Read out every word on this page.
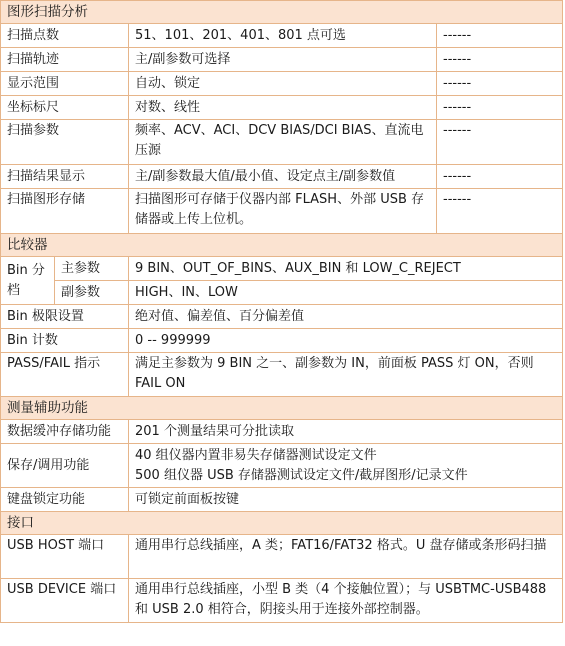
图形扫描分析			
扫描点数		51、101、201、401、801 点可选	------
扫描轨迹		主/副参数可选择	------
显示范围		自动、锁定	------
坐标标尺		对数、线性	------
扫描参数		频率、ACV、ACI、DCV BIAS/DCI BIAS、直流电压源	------
扫描结果显示		主/副参数最大值/最小值、设定点主/副参数值	------
扫描图形存储		扫描图形可存储于仪器内部 FLASH、外部 USB 存储器或上传上位机。	------
比较器			
Bin 分档	主参数	9 BIN、OUT_OF_BINS、AUX_BIN 和 LOW_C_REJECT	
	副参数	HIGH、IN、LOW	
Bin 极限设置		绝对值、偏差值、百分偏差值	
Bin 计数		0 -- 999999	
PASS/FAIL 指示		满足主参数为 9 BIN 之一、副参数为 IN，前面板 PASS 灯 ON，否则 FAIL ON	
测量辅助功能			
数据缓冲存储功能		201 个测量结果可分批读取	
保存/调用功能		40 组仪器内置非易失存储器测试设定文件
500 组仪器 USB 存储器测试设定文件/截屏图形/记录文件	

键盘锁定功能		可锁定前面板按键	
接口			
USB HOST 端口		通用串行总线插座，A 类；FAT16/FAT32 格式。U 盘存储或条形码扫描	
USB DEVICE 端口		通用串行总线插座，小型 B 类（4 个接触位置）；与 USBTMC-USB488 和 USB 2.0 相符合，阴接头用于连接外部控制器。	
